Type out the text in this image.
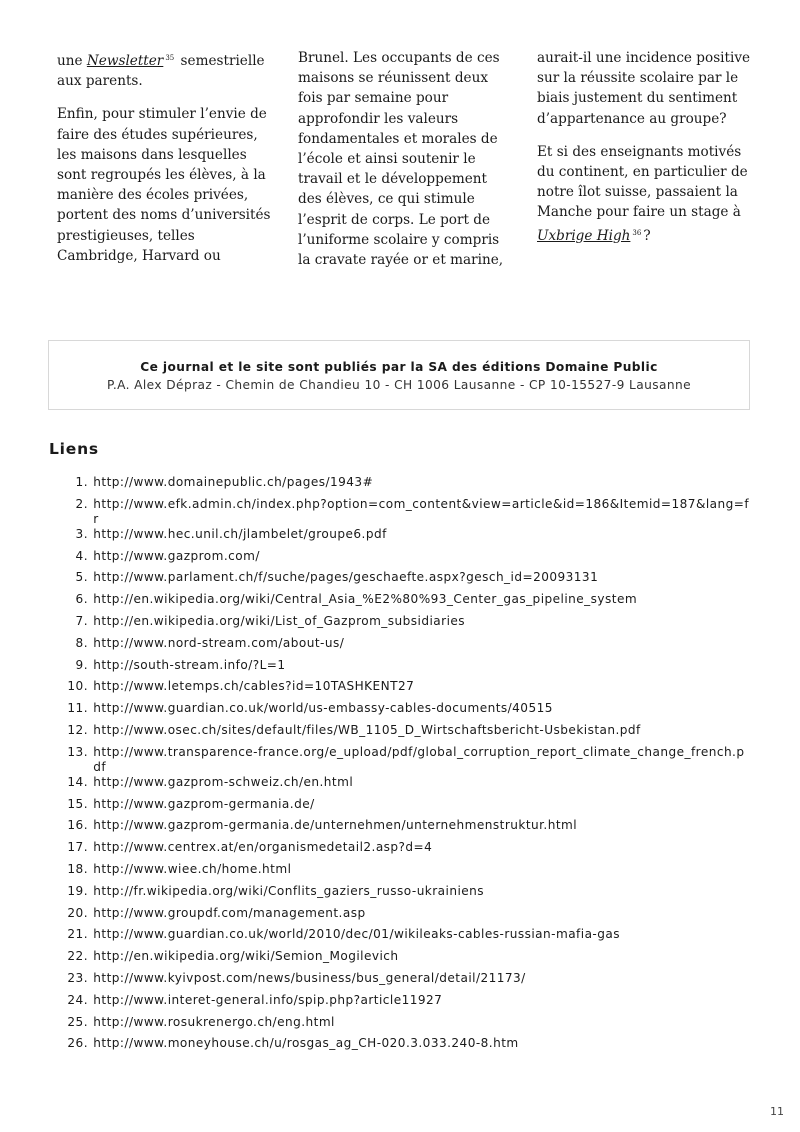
une Newsletter $^{35}$ semestrielle aux parents.

Enfin, pour stimuler l’envie de faire des études supérieures, les maisons dans lesquelles sont regroupés les élèves, à la manière des écoles privées, portent des noms d’universités prestigieuses, telles Cambridge, Harvard ou

Brunel. Les occupants de ces maisons se réunissent deux fois par semaine pour approfondir les valeurs fondamentales et morales de l’école et ainsi soutenir le travail et le développement des élèves, ce qui stimule l’esprit de corps. Le port de l’uniforme scolaire y compris la cravate rayée or et marine,

aurait-il une incidence positive sur la réussite scolaire par le biais justement du sentiment d’appartenance au groupe?

Et si des enseignants motivés du continent, en particulier de notre îlot suisse, passaient la Manche pour faire un stage à Uxbrige High $^{36}$ ?

Ce journal et le site sont publiés par la SA des éditions Domaine Public
P.A. Alex Dépraz - Chemin de Chandieu 10 - CH 1006 Lausanne - CP 10-15527-9 Lausanne
Liens
1.
http://www.domainepublic.ch/pages/1943#
2.
http://www.efk.admin.ch/index.php?option=com_content&view=article&id=186&Itemid=187&lang=fr
3.
http://www.hec.unil.ch/jlambelet/groupe6.pdf
4.
http://www.gazprom.com/
5.
http://www.parlament.ch/f/suche/pages/geschaefte.aspx?gesch_id=20093131
6.
http://en.wikipedia.org/wiki/Central_Asia_%E2%80%93_Center_gas_pipeline_system
7.
http://en.wikipedia.org/wiki/List_of_Gazprom_subsidiaries
8.
http://www.nord-stream.com/about-us/
9.
http://south-stream.info/?L=1
10.
http://www.letemps.ch/cables?id=10TASHKENT27
11.
http://www.guardian.co.uk/world/us-embassy-cables-documents/40515
12.
http://www.osec.ch/sites/default/files/WB_1105_D_Wirtschaftsbericht-Usbekistan.pdf
13.
http://www.transparence-france.org/e_upload/pdf/global_corruption_report_climate_change_french.pdf
14.
http://www.gazprom-schweiz.ch/en.html
15.
http://www.gazprom-germania.de/
16.
http://www.gazprom-germania.de/unternehmen/unternehmenstruktur.html
17.
http://www.centrex.at/en/organismedetail2.asp?d=4
18.
http://www.wiee.ch/home.html
19.
http://fr.wikipedia.org/wiki/Conflits_gaziers_russo-ukrainiens
20.
http://www.groupdf.com/management.asp
21.
http://www.guardian.co.uk/world/2010/dec/01/wikileaks-cables-russian-mafia-gas
22.
http://en.wikipedia.org/wiki/Semion_Mogilevich
23.
http://www.kyivpost.com/news/business/bus_general/detail/21173/
24.
http://www.interet-general.info/spip.php?article11927
25.
http://www.rosukrenergo.ch/eng.html
26.
http://www.moneyhouse.ch/u/rosgas_ag_CH-020.3.033.240-8.htm
11
